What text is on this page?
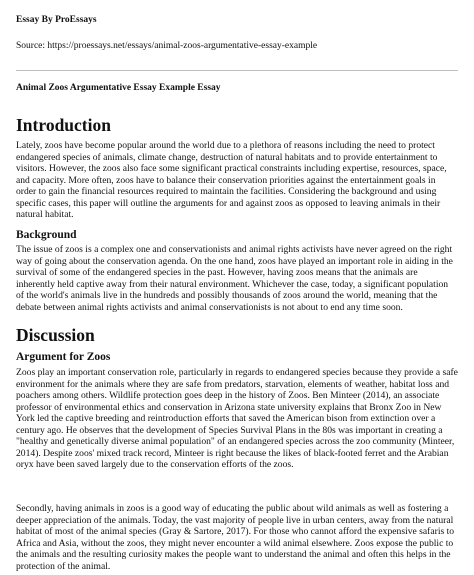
Essay By ProEssays
Source: https://proessays.net/essays/animal-zoos-argumentative-essay-example
Animal Zoos Argumentative Essay Example Essay
Introduction

Lately, zoos have become popular around the world due to a plethora of reasons including the need to protect endangered species of animals, climate change, destruction of natural habitats and to provide entertainment to visitors. However, the zoos also face some significant practical constraints including expertise, resources, space, and capacity. More often, zoos have to balance their conservation priorities against the entertainment goals in order to gain the financial resources required to maintain the facilities. Considering the background and using specific cases, this paper will outline the arguments for and against zoos as opposed to leaving animals in their natural habitat.

Background

The issue of zoos is a complex one and conservationists and animal rights activists have never agreed on the right way of going about the conservation agenda. On the one hand, zoos have played an important role in aiding in the survival of some of the endangered species in the past. However, having zoos means that the animals are inherently held captive away from their natural environment. Whichever the case, today, a significant population of the world's animals live in the hundreds and possibly thousands of zoos around the world, meaning that the debate between animal rights activists and animal conservationists is not about to end any time soon.

Discussion
Argument for Zoos

Zoos play an important conservation role, particularly in regards to endangered species because they provide a safe environment for the animals where they are safe from predators, starvation, elements of weather, habitat loss and poachers among others. Wildlife protection goes deep in the history of Zoos. Ben Minteer (2014), an associate professor of environmental ethics and conservation in Arizona state university explains that Bronx Zoo in New York led the captive breeding and reintroduction efforts that saved the American bison from extinction over a century ago. He observes that the development of Species Survival Plans in the 80s was important in creating a "healthy and genetically diverse animal population" of an endangered species across the zoo community (Minteer, 2014). Despite zoos' mixed track record, Minteer is right because the likes of black-footed ferret and the Arabian oryx have been saved largely due to the conservation efforts of the zoos.

Secondly, having animals in zoos is a good way of educating the public about wild animals as well as fostering a deeper appreciation of the animals. Today, the vast majority of people live in urban centers, away from the natural habitat of most of the animal species (Gray & Sartore, 2017). For those who cannot afford the expensive safaris to Africa and Asia, without the zoos, they might never encounter a wild animal elsewhere. Zoos expose the public to the animals and the resulting curiosity makes the people want to understand the animal and often this helps in the protection of the animal.
